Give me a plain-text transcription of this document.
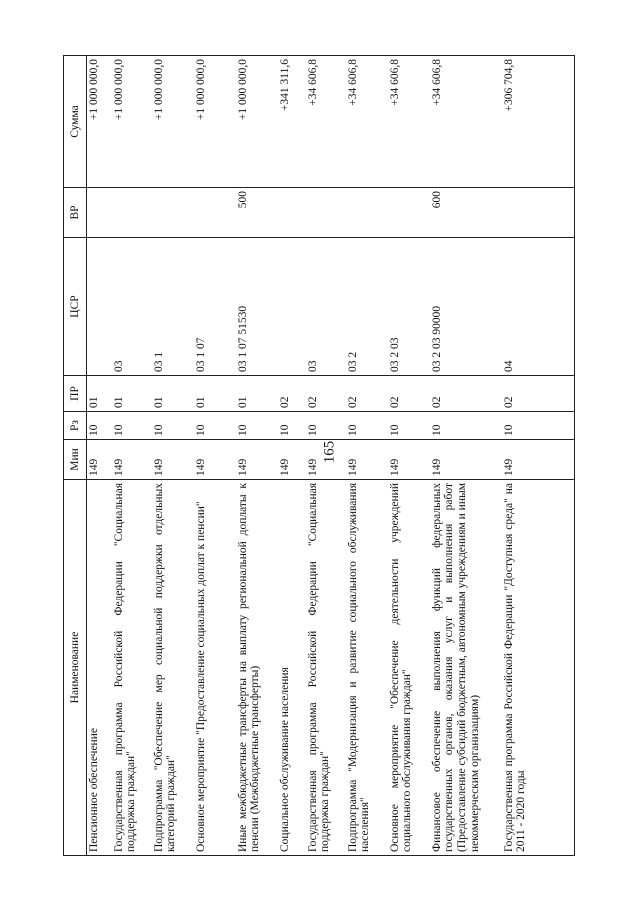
165
Наименование	Мин	Рз	ПР	ЦСР	ВР	Сумма
Пенсионное обеспечение	149	10	01			+1 000 000,0
Государственная программа Российской Федерации "Социальная поддержка граждан"	149	10	01	03		+1 000 000,0
Подпрограмма "Обеспечение мер социальной поддержки отдельных категорий граждан"	149	10	01	03 1		+1 000 000,0
Основное мероприятие "Предоставление социальных доплат к пенсии"	149	10	01	03 1 07		+1 000 000,0
Иные межбюджетные трансферты на выплату региональной доплаты к пенсии (Межбюджетные трансферты)	149	10	01	03 1 07 51530	500	+1 000 000,0
Социальное обслуживание населения	149	10	02			+341 311,6
Государственная программа Российской Федерации "Социальная поддержка граждан"	149	10	02	03		+34 606,8
Подпрограмма "Модернизация и развитие социального обслуживания населения"	149	10	02	03 2		+34 606,8
Основное мероприятие "Обеспечение деятельности учреждений социального обслуживания граждан"	149	10	02	03 2 03		+34 606,8
Финансовое обеспечение выполнения функций федеральных государственных органов, оказания услуг и выполнения работ (Предоставление субсидий бюджетным, автономным учреждениям и иным некоммерческим организациям)	149	10	02	03 2 03 90000	600	+34 606,8
Государственная программа Российской Федерации "Доступная среда" на 2011 - 2020 годы	149	10	02	04		+306 704,8
